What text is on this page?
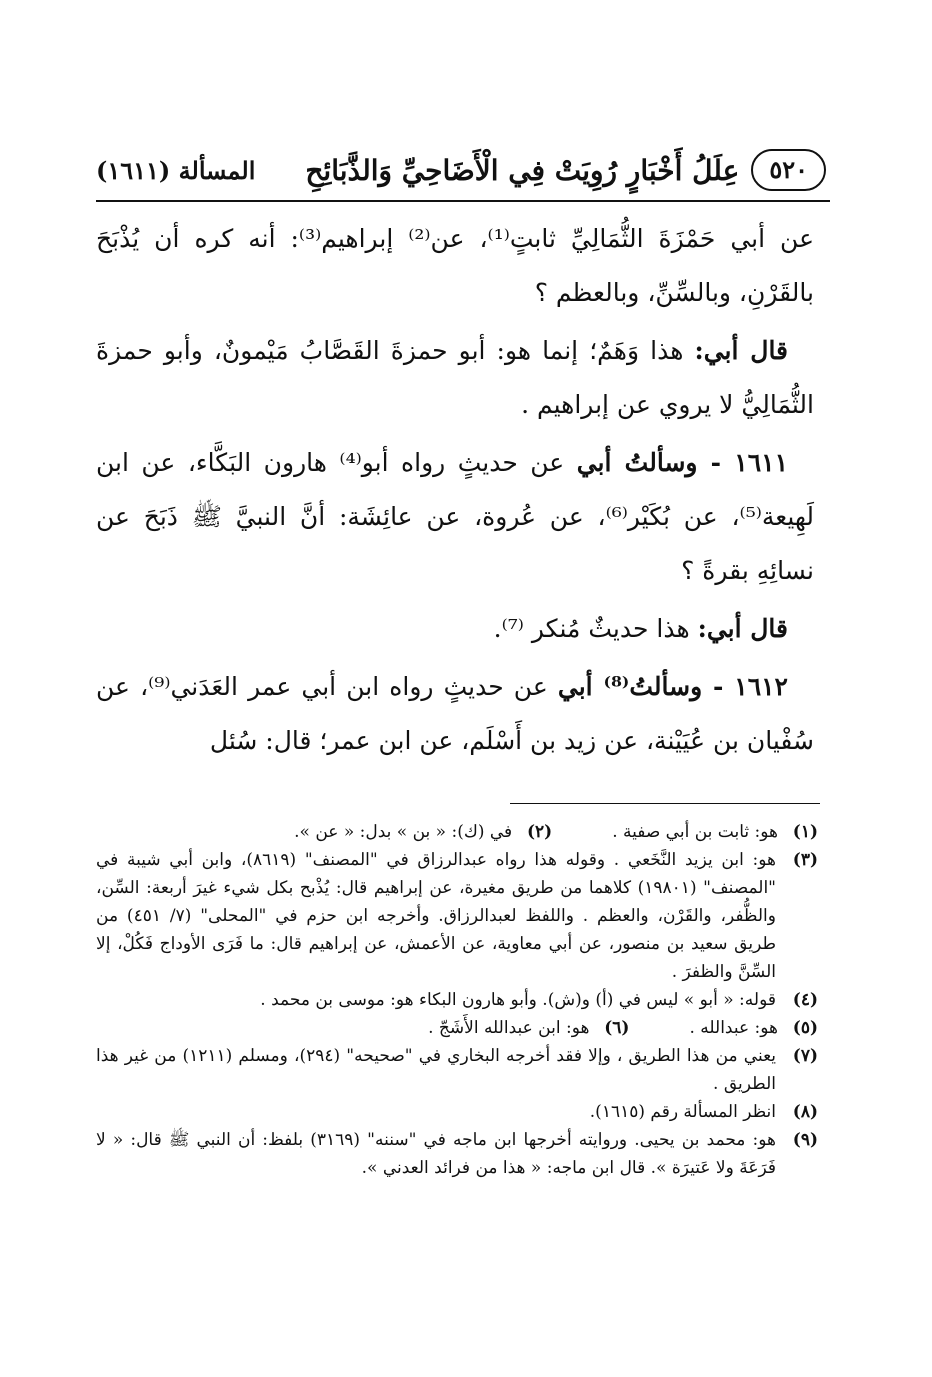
٥٢٠
عِلَلُ أَخْبَارٍ رُوِيَتْ فِي الْأَضَاحِيِّ وَالذَّبَائِحِ
المسألة (١٦١١)

عن أبي حَمْزَةَ الثُّمَالِيِّ ثابتٍ⁽¹⁾، عن⁽²⁾ إبراهيم⁽³⁾: أنه كره أن يُذْبَحَ بالقَرْنِ، وبالسِّنِّ، وبالعظم ؟

قال أبي: هذا وَهَمٌ؛ إنما هو: أبو حمزةَ القَصَّابُ مَيْمونٌ، وأبو حمزةَ الثُّمَالِيُّ لا يروي عن إبراهيم .

١٦١١ - وسألتُ أبي عن حديثٍ رواه أبو⁽⁴⁾ هارون البَكَّاء، عن ابن لَهِيعة⁽⁵⁾، عن بُكَيْر⁽⁶⁾، عن عُروة، عن عائِشَة: أنَّ النبيَّ ﷺ ذَبَحَ عن نسائِهِ بقرةً ؟

قال أبي: هذا حديثٌ مُنكر ⁽⁷⁾.

١٦١٢ - وسألتُ⁽⁸⁾ أبي عن حديثٍ رواه ابن أبي عمر العَدَني⁽⁹⁾، عن سُفْيان بن عُيَيْنة، عن زيد بن أَسْلَم، عن ابن عمر؛ قال: سُئل

(١)
هو: ثابت بن أبي صفية .
(٢)
في (ك): « بن » بدل: « عن ».
(٣)
هو: ابن يزيد النَّخَعي . وقوله هذا رواه عبدالرزاق في "المصنف" (٨٦١٩)، وابن أبي شيبة في "المصنف" (١٩٨٠١) كلاهما من طريق مغيرة، عن إبراهيم قال: يُذْبح بكل شيء غيرَ أربعة: السِّن، والظُّفر، والقَرْن، والعظم . واللفظ لعبدالرزاق. وأخرجه ابن حزم في "المحلى" (٧/ ٤٥١) من طريق سعيد بن منصور، عن أبي معاوية، عن الأعمش، عن إبراهيم قال: ما فَرَى الأوداج فَكُلْ، إلا السِّنَّ والظفرَ .
(٤)
قوله: « أبو » ليس في (أ) و(ش). وأبو هارون البكاء هو: موسى بن محمد .
(٥)
هو: عبدالله .
(٦)
هو: ابن عبدالله الأَشَجّ .
(٧)
يعني من هذا الطريق ، وإلا فقد أخرجه البخاري في "صحيحه" (٢٩٤)، ومسلم (١٢١١) من غير هذا الطريق .
(٨)
انظر المسألة رقم (١٦١٥).
(٩)
هو: محمد بن يحيى. وروايته أخرجها ابن ماجه في "سننه" (٣١٦٩) بلفظ: أن النبي ﷺ قال: « لا فَرَعَةَ ولا عَتيرَة ». قال ابن ماجه: « هذا من فرائد العدني ».
